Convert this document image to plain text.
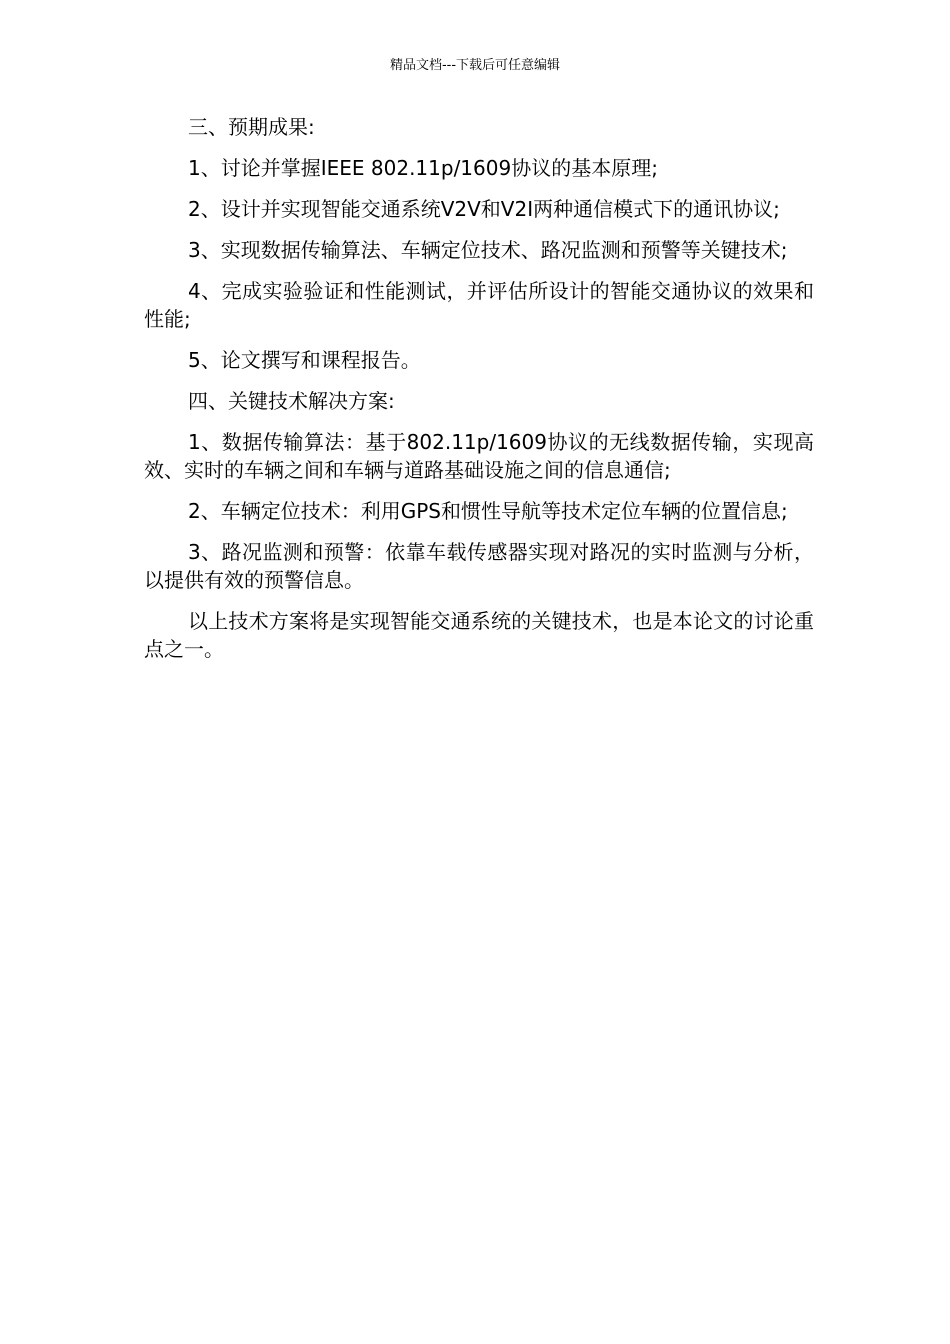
精品文档---下载后可任意编辑

三、预期成果:

1、讨论并掌握IEEE 802.11p/1609协议的基本原理;

2、设计并实现智能交通系统V2V和V2I两种通信模式下的通讯协议;

3、实现数据传输算法、车辆定位技术、路况监测和预警等关键技术;

4、完成实验验证和性能测试，并评估所设计的智能交通协议的效果和性能;

5、论文撰写和课程报告。

四、关键技术解决方案:

1、数据传输算法：基于802.11p/1609协议的无线数据传输，实现高效、实时的车辆之间和车辆与道路基础设施之间的信息通信;

2、车辆定位技术：利用GPS和惯性导航等技术定位车辆的位置信息;

3、路况监测和预警：依靠车载传感器实现对路况的实时监测与分析，以提供有效的预警信息。

以上技术方案将是实现智能交通系统的关键技术，也是本论文的讨论重点之一。
